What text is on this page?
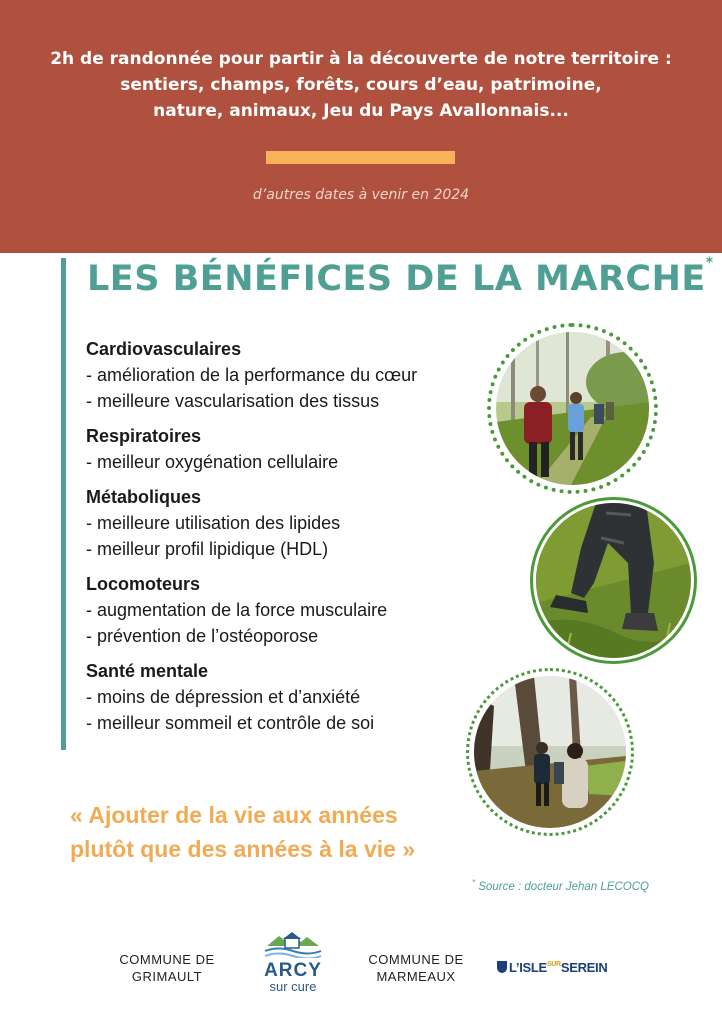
2h de randonnée pour partir à la découverte de notre territoire :
sentiers, champs, forêts, cours d’eau, patrimoine,
nature, animaux, Jeu du Pays Avallonnais...

d’autres dates à venir en 2024
LES BÉNÉFICES DE LA MARCHE*
Cardiovasculaires
- amélioration de la performance du cœur
- meilleure vascularisation des tissus
Respiratoires
- meilleur oxygénation cellulaire
Métaboliques
- meilleure utilisation des lipides
- meilleur profil lipidique (HDL)
Locomoteurs
- augmentation de la force musculaire
- prévention de l’ostéoporose
Santé mentale
- moins de dépression et d’anxiété
- meilleur sommeil et contrôle de soi

« Ajouter de la vie aux années
plutôt que des années à la vie »

* Source : docteur Jehan LECOCQ
COMMUNE DE
GRIMAULT	ARCY
sur cure
COMMUNE DE
MARMEAUX
$L’ISLE^{SUR}SEREIN$
